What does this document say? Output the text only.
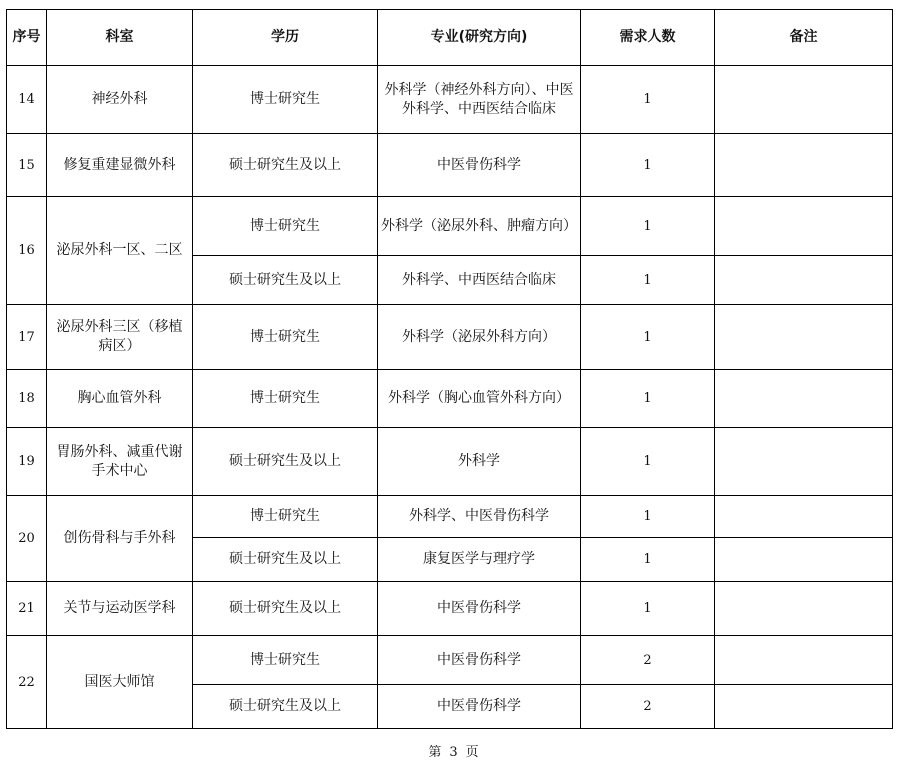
序号	科室	学历	专业(研究方向)	需求人数	备注
14	神经外科	博士研究生	外科学（神经外科方向）、中医外科学、中西医结合临床	1	
15	修复重建显微外科	硕士研究生及以上	中医骨伤科学	1	
16	泌尿外科一区、二区	博士研究生	外科学（泌尿外科、肿瘤方向）	1	
		硕士研究生及以上	外科学、中西医结合临床	1	
17	泌尿外科三区（移植病区）	博士研究生	外科学（泌尿外科方向）	1	
18	胸心血管外科	博士研究生	外科学（胸心血管外科方向）	1	
19	胃肠外科、减重代谢手术中心	硕士研究生及以上	外科学	1	
20	创伤骨科与手外科	博士研究生	外科学、中医骨伤科学	1	
		硕士研究生及以上	康复医学与理疗学	1	
21	关节与运动医学科	硕士研究生及以上	中医骨伤科学	1	
22	国医大师馆	博士研究生	中医骨伤科学	2	
		硕士研究生及以上	中医骨伤科学	2	
第 3 页
